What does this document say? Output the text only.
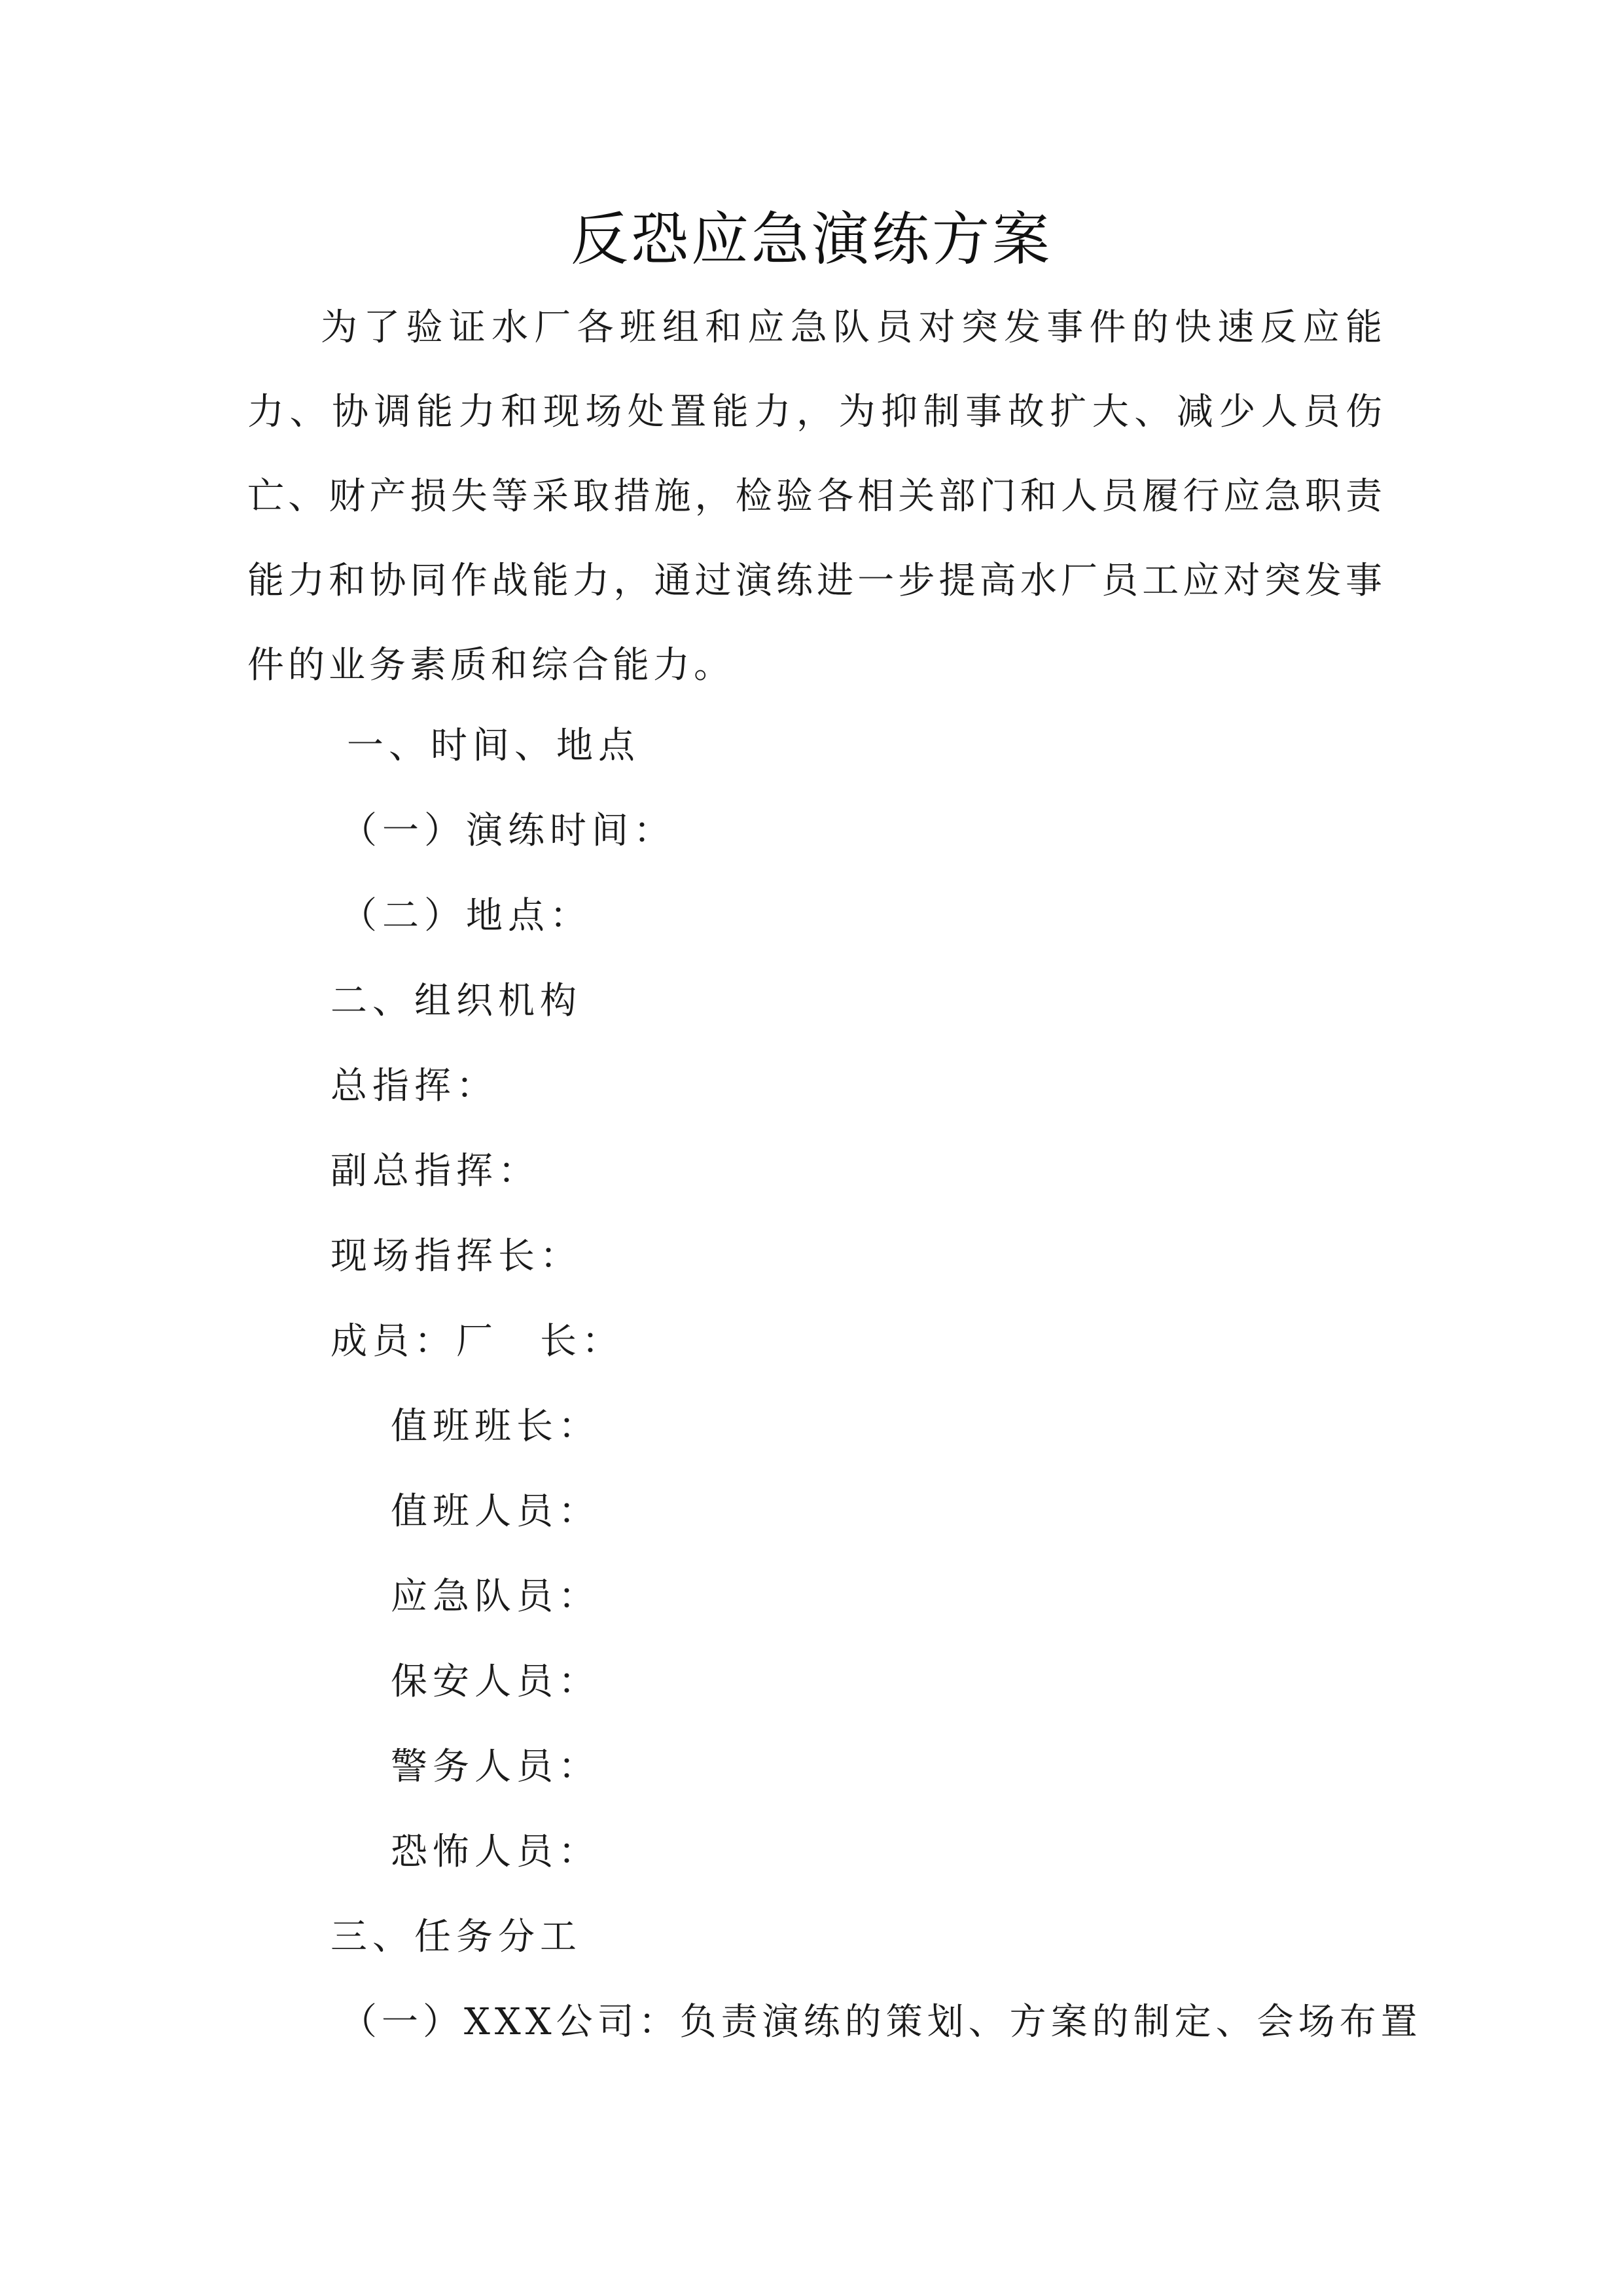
反恐应急演练方案

为了验证水厂各班组和应急队员对突发事件的快速反应能力、协调能力和现场处置能力，为抑制事故扩大、减少人员伤亡、财产损失等采取措施，检验各相关部门和人员履行应急职责能力和协同作战能力，通过演练进一步提高水厂员工应对突发事件的业务素质和综合能力。

一、时间、地点
（一）演练时间：
（二）地点：
二、组织机构
总指挥：
副总指挥：
现场指挥长：
成员：厂　长：
值班班长：
值班人员：
应急队员：
保安人员：
警务人员：
恐怖人员：
三、任务分工
（一）XXX公司：负责演练的策划、方案的制定、会场布置
